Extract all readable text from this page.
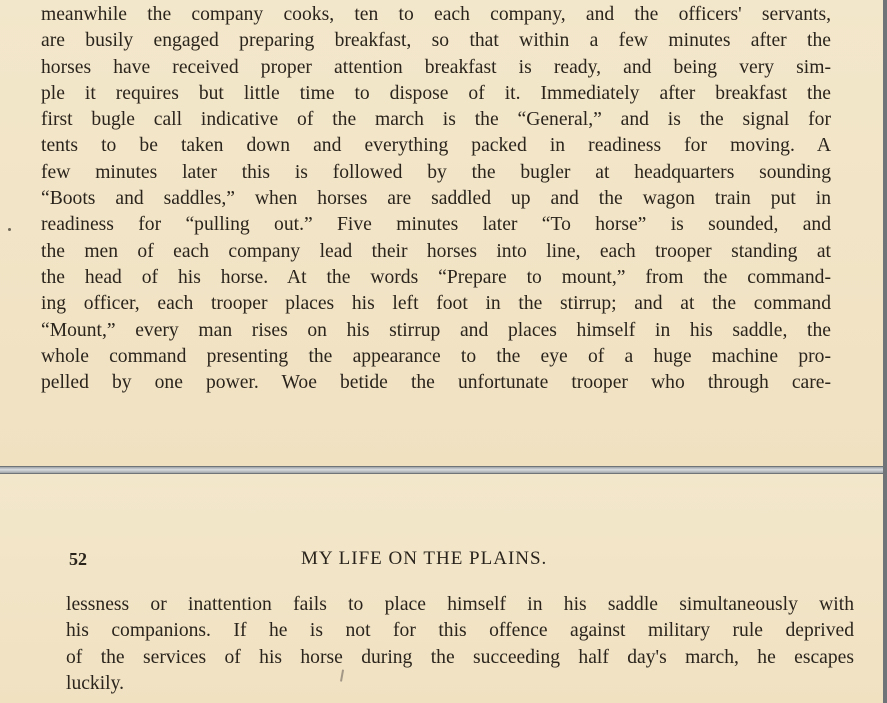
meanwhile the company cooks, ten to each company, and the officers' servants,
are busily engaged preparing breakfast, so that within a few minutes after the
horses have received proper attention breakfast is ready, and being very sim-
ple it requires but little time to dispose of it. Immediately after breakfast the
first bugle call indicative of the march is the “General,” and is the signal for
tents to be taken down and everything packed in readiness for moving. A
few minutes later this is followed by the bugler at headquarters sounding
“Boots and saddles,” when horses are saddled up and the wagon train put in
readiness for “pulling out.” Five minutes later “To horse” is sounded, and
the men of each company lead their horses into line, each trooper standing at
the head of his horse. At the words “Prepare to mount,” from the command-
ing officer, each trooper places his left foot in the stirrup; and at the command
“Mount,” every man rises on his stirrup and places himself in his saddle, the
whole command presenting the appearance to the eye of a huge machine pro-
pelled by one power. Woe betide the unfortunate trooper who through care-
52	MY LIFE ON THE PLAINS.
lessness or inattention fails to place himself in his saddle simultaneously with
his companions. If he is not for this offence against military rule deprived
of the services of his horse during the succeeding half day's march, he escapes
luckily.
